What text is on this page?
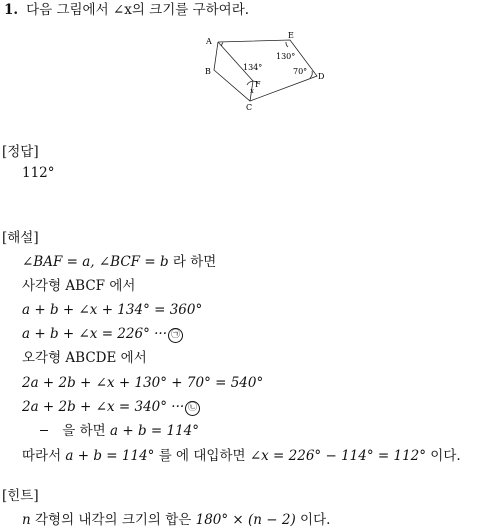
1. 다음 그림에서 ∠x의 크기를 구하여라.
A
E
D
C
B
F
130°
70°
134°
x
[정답]
112°
[해설]
∠BAF = a, ∠BCF = b 라 하면
사각형 ABCF 에서
a + b + ∠x + 134° = 360°
a + b + ∠x = 226° ··· ㉠
오각형 ABCDE 에서
2a + 2b + ∠x + 130° + 70° = 540°
2a + 2b + ∠x = 340° ··· ㉡
을 하면 a + b = 114°
따라서 a + b = 114° 를 에 대입하면 ∠x = 226° − 114° = 112° 이다.
[힌트]
n 각형의 내각의 크기의 합은 180° × (n − 2) 이다.
